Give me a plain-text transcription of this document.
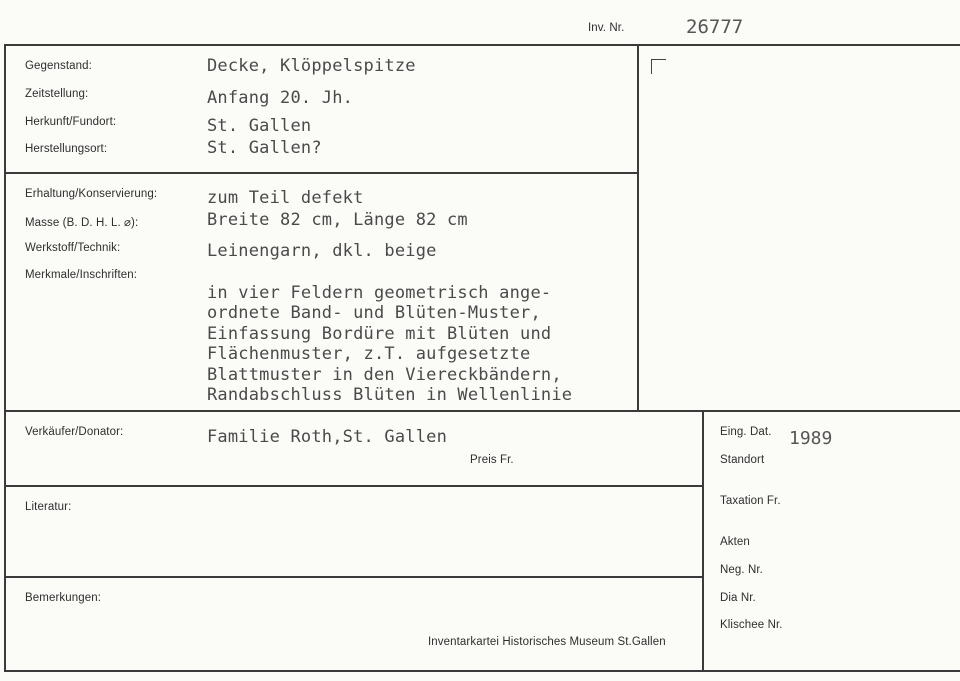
Inv. Nr.	26777
Gegenstand:	Decke, Klöppelspitze
Zeitstellung:	Anfang 20. Jh.
Herkunft/Fundort:	St. Gallen
Herstellungsort:	St. Gallen?
Erhaltung/Konservierung:	zum Teil defekt
Masse (B. D. H. L. ⌀):	Breite 82 cm, Länge 82 cm
Werkstoff/Technik:	Leinengarn, dkl. beige
Merkmale/Inschriften:
in vier Feldern geometrisch ange-
ordnete Band- und Blüten-Muster,
Einfassung Bordüre mit Blüten und
Flächenmuster, z.T. aufgesetzte
Blattmuster in den Viereckbändern,
Randabschluss Blüten in Wellenlinie
Verkäufer/Donator:	Familie Roth,St. Gallen
Preis Fr.
Literatur:
Bemerkungen:
Inventarkartei Historisches Museum St.Gallen
Eing. Dat. 1989
Standort
Taxation Fr.
Akten
Neg. Nr.
Dia Nr.
Klischee Nr.
